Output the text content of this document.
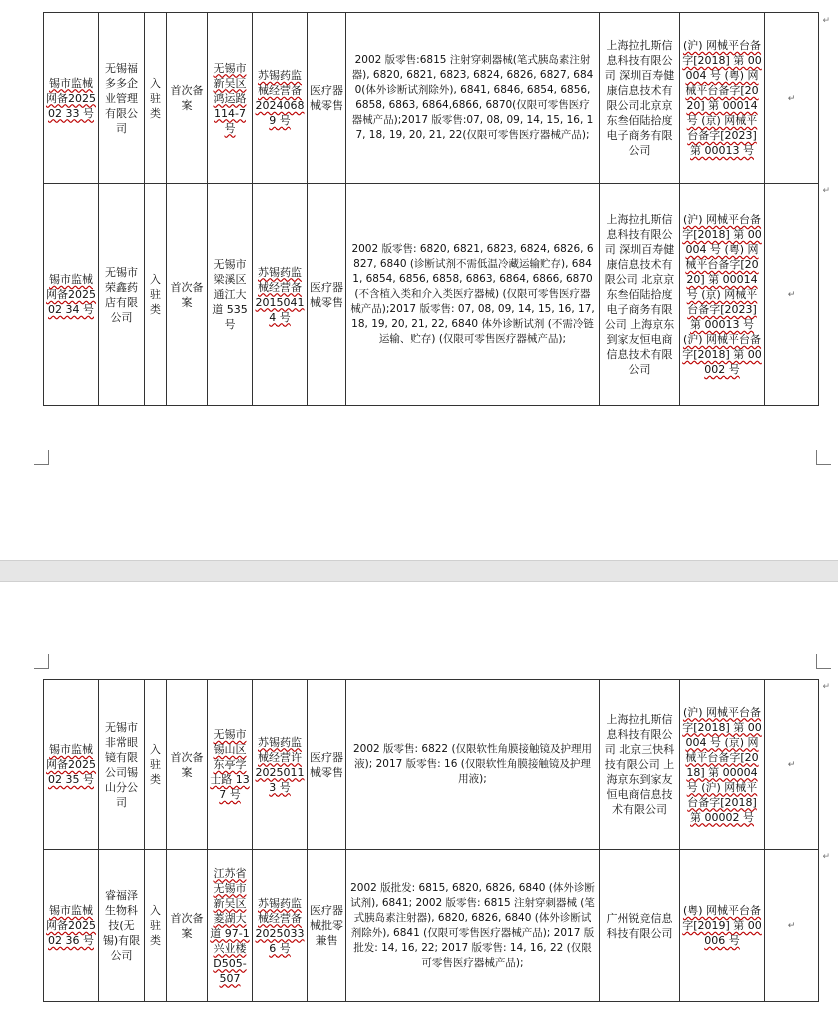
锡市监械网备202502 33 号	无锡福多多企业管理有限公司	入驻类	首次备案	无锡市新吴区鸿运路 114-7 号	苏锡药监械经营备 20240689 号	医疗器械零售	2002 版零售:6815 注射穿刺器械(笔式胰岛素注射器), 6820, 6821, 6823, 6824, 6826, 6827, 6840(体外诊断试剂除外), 6841, 6846, 6854, 6856, 6858, 6863, 6864,6866, 6870(仅限可零售医疗器械产品);2017 版零售:07, 08, 09, 14, 15, 16, 17, 18, 19, 20, 21, 22(仅限可零售医疗器械产品);	上海拉扎斯信息科技有限公司 深圳百寿健康信息技术有限公司北京京东叁佰陆拾度电子商务有限公司	(沪) 网械平台备字[2018] 第 00004 号 (粤) 网械平台备字[2020] 第 00014 号 (京) 网械平台备字[2023] 第 00013 号	↵
锡市监械网备202502 34 号	无锡市荣鑫药店有限公司	入驻类	首次备案	无锡市梁溪区通江大道 535 号	苏锡药监械经营备 20150414 号	医疗器械零售	2002 版零售: 6820, 6821, 6823, 6824, 6826, 6827, 6840 (诊断试剂不需低温冷藏运输贮存), 6841, 6854, 6856, 6858, 6863, 6864, 6866, 6870 (不含植入类和介入类医疗器械) (仅限可零售医疗器械产品);2017 版零售: 07, 08, 09, 14, 15, 16, 17, 18, 19, 20, 21, 22, 6840 体外诊断试剂 (不需冷链运输、贮存) (仅限可零售医疗器械产品);	上海拉扎斯信息科技有限公司 深圳百寿健康信息技术有限公司 北京京东叁佰陆拾度电子商务有限公司 上海京东到家友恒电商信息技术有限公司	(沪) 网械平台备字[2018] 第 00004 号 (粤) 网械平台备字[2020] 第 00014 号 (京) 网械平台备字[2023] 第 00013 号 (沪) 网械平台备字[2018] 第 00002 号	↵
↵
↵
锡市监械网备202502 35 号	无锡市非常眼镜有限公司锡山分公司	入驻类	首次备案	无锡市锡山区东亭学士路 137 号	苏锡药监械经营许 20250113 号	医疗器械零售	2002 版零售: 6822 (仅限软性角膜接触镜及护理用液); 2017 版零售: 16 (仅限软性角膜接触镜及护理用液);	上海拉扎斯信息科技有限公司 北京三快科技有限公司 上海京东到家友恒电商信息技术有限公司	(沪) 网械平台备字[2018] 第 00004 号 (京) 网械平台备字[2018] 第 00004 号 (沪) 网械平台备字[2018] 第 00002 号	↵
锡市监械网备202502 36 号	睿福泽生物科技(无锡)有限公司	入驻类	首次备案	江苏省无锡市新吴区菱湖大道 97-1 兴业楼 D505-507	苏锡药监械经营备 20250336 号	医疗器械批零兼售	2002 版批发: 6815, 6820, 6826, 6840 (体外诊断试剂), 6841; 2002 版零售: 6815 注射穿刺器械 (笔式胰岛素注射器), 6820, 6826, 6840 (体外诊断试剂除外), 6841 (仅限可零售医疗器械产品); 2017 版批发: 14, 16, 22; 2017 版零售: 14, 16, 22 (仅限可零售医疗器械产品);	广州锐竞信息科技有限公司	(粤) 网械平台备字[2019] 第 00006 号	↵
↵
↵
